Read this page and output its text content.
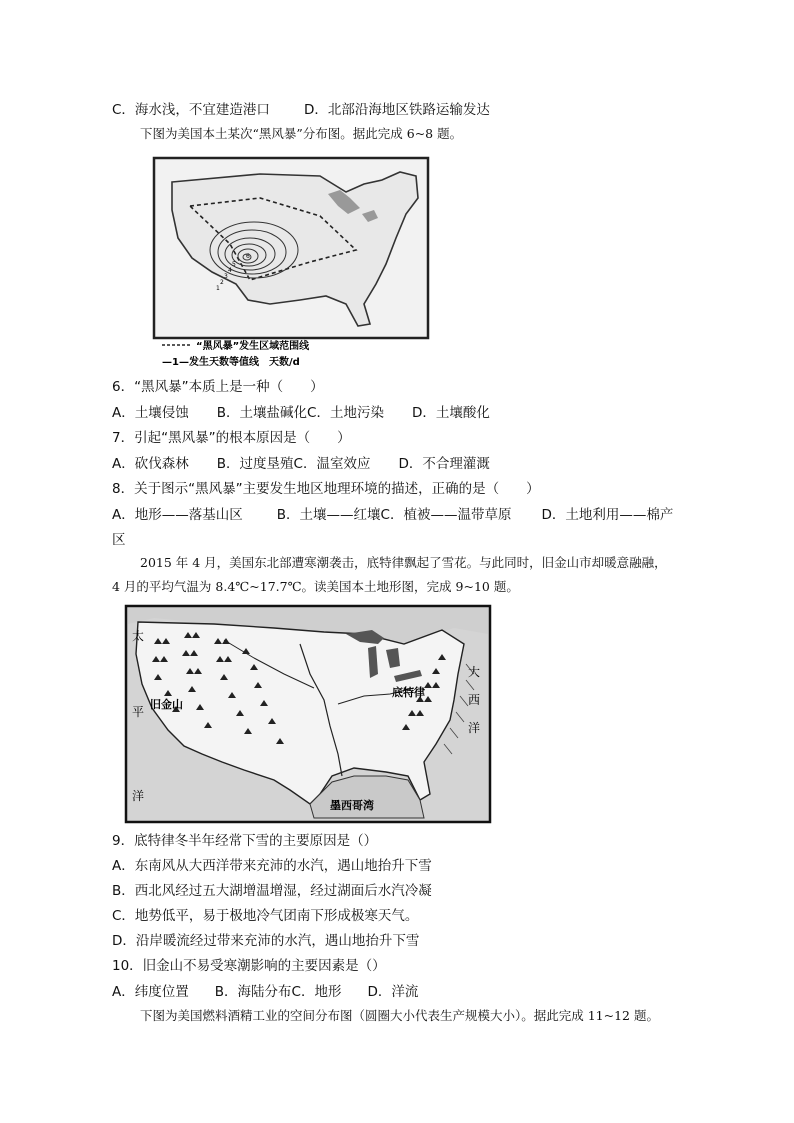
C．海水浅，不宜建造港口	D．北部沿海地区铁路运输发达
下图为美国本土某次“黑风暴”分布图。据此完成 6~8 题。
6
5
4
3
2
1
“黑风暴”发生区域范围线
—1—发生天数等值线　天数/d
6．“黑风暴”本质上是一种（　　）
A．土壤侵蚀 B．土壤盐碱化C．土地污染 D．土壤酸化
7．引起“黑风暴”的根本原因是（　　）
A．砍伐森林 B．过度垦殖C．温室效应 D．不合理灌溉
8．关于图示“黑风暴”主要发生地区地理环境的描述，正确的是（　　）
A．地形——落基山区	B．土壤——红壤C．植被——温带草原 D．土地利用——棉产
区
2015 年 4 月，美国东北部遭寒潮袭击，底特律飘起了雪花。与此同时，旧金山市却暖意融融，
4 月的平均气温为 8.4℃~17.7℃。读美国本土地形图，完成 9~10 题。
太
平
洋
旧金山
底特律
大
西
洋
墨西哥湾
9．底特律冬半年经常下雪的主要原因是（）
A．东南风从大西洋带来充沛的水汽，遇山地抬升下雪
B．西北风经过五大湖增温增湿，经过湖面后水汽冷凝
C．地势低平，易于极地冷气团南下形成极寒天气。
D．沿岸暖流经过带来充沛的水汽，遇山地抬升下雪
10．旧金山不易受寒潮影响的主要因素是（）
A．纬度位置 B．海陆分布C．地形 D．洋流
下图为美国燃料酒精工业的空间分布图（圆圈大小代表生产规模大小）。据此完成 11~12 题。
